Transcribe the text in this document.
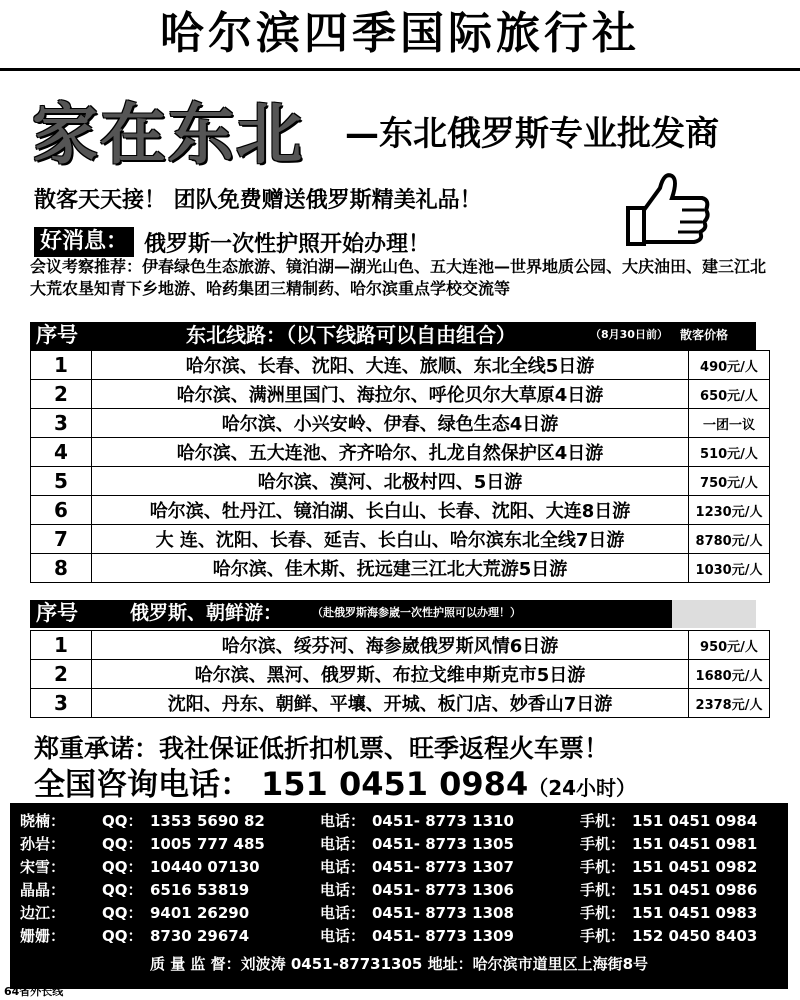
哈尔滨四季国际旅行社
家在东北	—东北俄罗斯专业批发商
散客天天接！ 团队免费赠送俄罗斯精美礼品！
好消息： 俄罗斯一次性护照开始办理！
会议考察推荐：伊春绿色生态旅游、镜泊湖—湖光山色、五大连池—世界地质公园、大庆油田、建三江北大荒农垦知青下乡地游、哈药集团三精制药、哈尔滨重点学校交流等
序号	东北线路：（以下线路可以自由组合）	（8月30日前） 散客价格
1	哈尔滨、长春、沈阳、大连、旅顺、东北全线5日游	490元/人
2	哈尔滨、满洲里国门、海拉尔、呼伦贝尔大草原4日游	650元/人
3	哈尔滨、小兴安岭、伊春、绿色生态4日游	一团一议
4	哈尔滨、五大连池、齐齐哈尔、扎龙自然保护区4日游	510元/人
5	哈尔滨、漠河、北极村四、5日游	750元/人
6	哈尔滨、牡丹江、镜泊湖、长白山、长春、沈阳、大连8日游	1230元/人
7	大 连、沈阳、长春、延吉、长白山、哈尔滨东北全线7日游	8780元/人
8	哈尔滨、佳木斯、抚远建三江北大荒游5日游	1030元/人
序号	俄罗斯、朝鲜游：	（赴俄罗斯海参崴一次性护照可以办理！）
1	哈尔滨、绥芬河、海参崴俄罗斯风情6日游	950元/人
2	哈尔滨、黑河、俄罗斯、布拉戈维申斯克市5日游	1680元/人
3	沈阳、丹东、朝鲜、平壤、开城、板门店、妙香山7日游	2378元/人
郑重承诺：我社保证低折扣机票、旺季返程火车票！
全国咨询电话： 151 0451 0984（24小时）
晓楠： QQ： 1353 5690 82	电话： 0451- 8773 1310	手机： 151 0451 0984
孙岩： QQ： 1005 777 485	电话： 0451- 8773 1305	手机： 151 0451 0981
宋雪： QQ： 10440 07130	电话： 0451- 8773 1307	手机： 151 0451 0982
晶晶： QQ： 6516 53819	电话： 0451- 8773 1306	手机： 151 0451 0986
边江： QQ： 9401 26290	电话： 0451- 8773 1308	手机： 151 0451 0983
姗姗： QQ： 8730 29674	电话： 0451- 8773 1309	手机： 152 0450 8403
质 量 监 督：刘波涛 0451-87731305 地址：哈尔滨市道里区上海街8号
64省外长线
